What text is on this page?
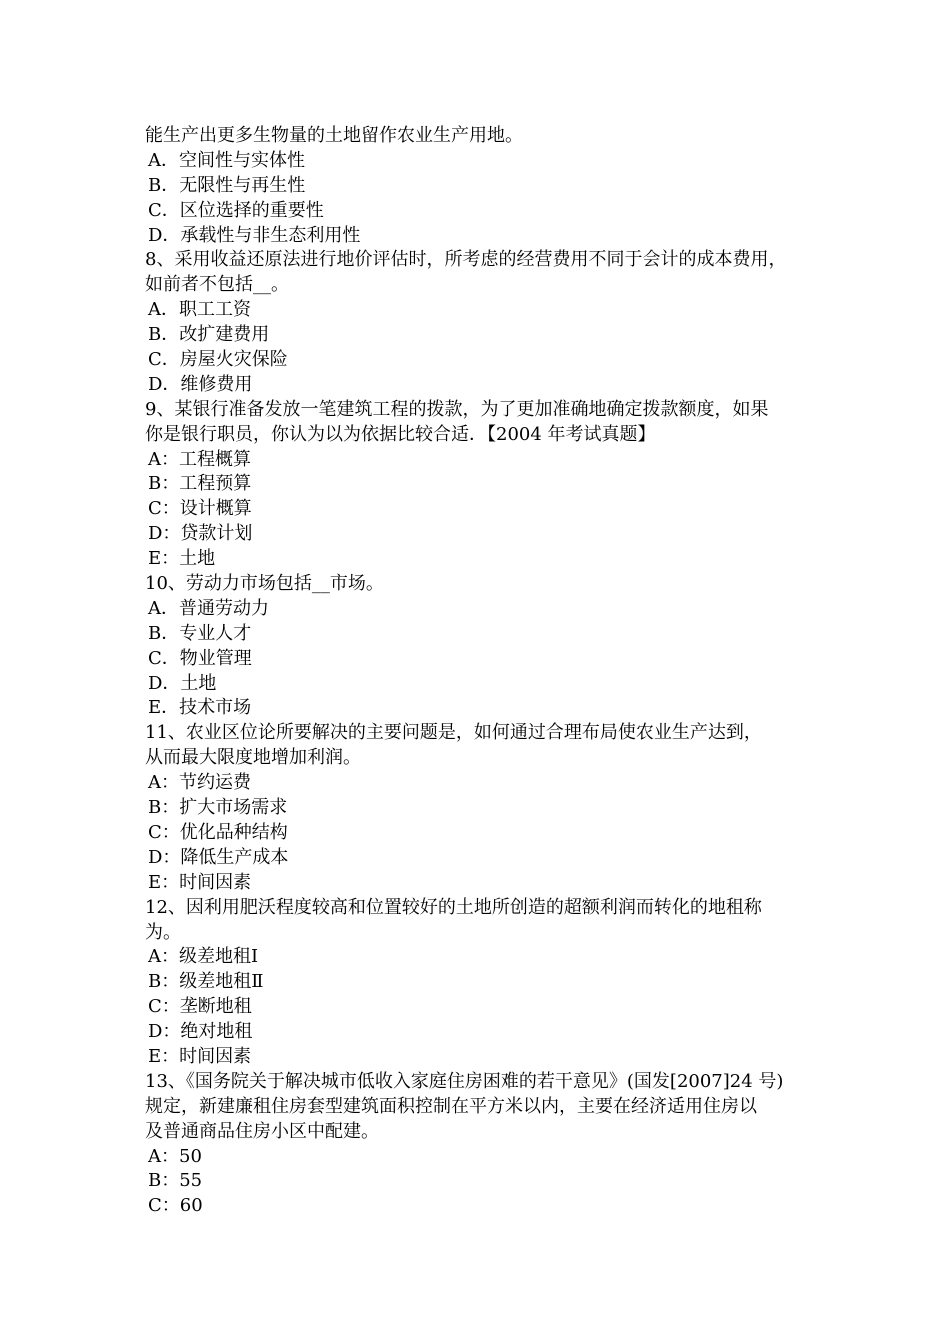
能生产出更多生物量的土地留作农业生产用地。
A．空间性与实体性
B．无限性与再生性
C．区位选择的重要性
D．承载性与非生态利用性
8、采用收益还原法进行地价评估时，所考虑的经营费用不同于会计的成本费用，
如前者不包括__。
A．职工工资
B．改扩建费用
C．房屋火灾保险
D．维修费用
9、某银行准备发放一笔建筑工程的拨款，为了更加准确地确定拨款额度，如果
你是银行职员，你认为以为依据比较合适．【2004 年考试真题】
A：工程概算
B：工程预算
C：设计概算
D：贷款计划
E：土地
10、劳动力市场包括__市场。
A．普通劳动力
B．专业人才
C．物业管理
D．土地
E．技术市场
11、农业区位论所要解决的主要问题是，如何通过合理布局使农业生产达到，
从而最大限度地增加利润。
A：节约运费
B：扩大市场需求
C：优化品种结构
D：降低生产成本
E：时间因素
12、因利用肥沃程度较高和位置较好的土地所创造的超额利润而转化的地租称
为。
A：级差地租Ⅰ
B：级差地租Ⅱ
C：垄断地租
D：绝对地租
E：时间因素
13、《国务院关于解决城市低收入家庭住房困难的若干意见》(国发[2007]24 号)
规定，新建廉租住房套型建筑面积控制在平方米以内，主要在经济适用住房以
及普通商品住房小区中配建。
A：50
B：55
C：60
